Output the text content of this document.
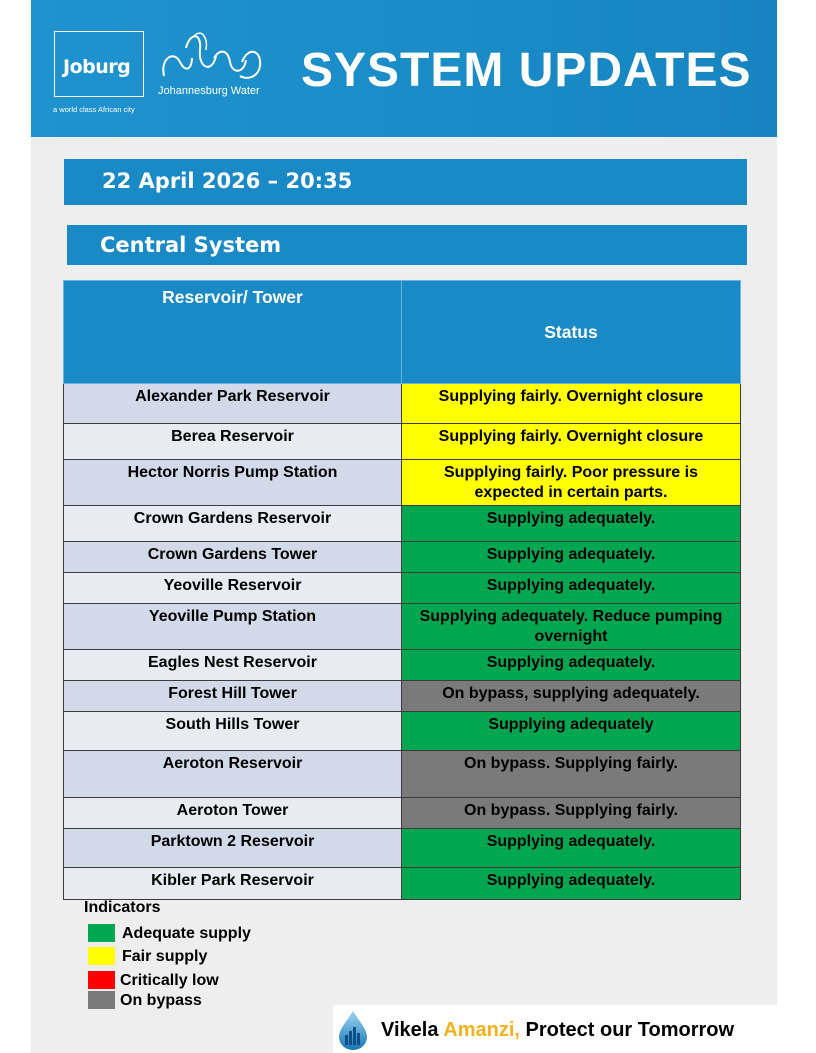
Joburg
a world class African city
Johannesburg Water SYSTEM UPDATES
22 April 2026 – 20:35
Central System
Reservoir/ Tower	Status
Alexander Park Reservoir	Supplying fairly. Overnight closure
Berea Reservoir	Supplying fairly. Overnight closure
Hector Norris Pump Station	Supplying fairly. Poor pressure is expected in certain parts.
Crown Gardens Reservoir	Supplying adequately.
Crown Gardens Tower	Supplying adequately.
Yeoville Reservoir	Supplying adequately.
Yeoville Pump Station	Supplying adequately. Reduce pumping overnight
Eagles Nest Reservoir	Supplying adequately.
Forest Hill Tower	On bypass, supplying adequately.
South Hills Tower	Supplying adequately
Aeroton Reservoir	On bypass. Supplying fairly.
Aeroton Tower	On bypass. Supplying fairly.
Parktown 2 Reservoir	Supplying adequately.
Kibler Park Reservoir	Supplying adequately.
Indicators
Adequate supply
Fair supply
Critically low
On bypass
Vikela Amanzi, Protect our Tomorrow
